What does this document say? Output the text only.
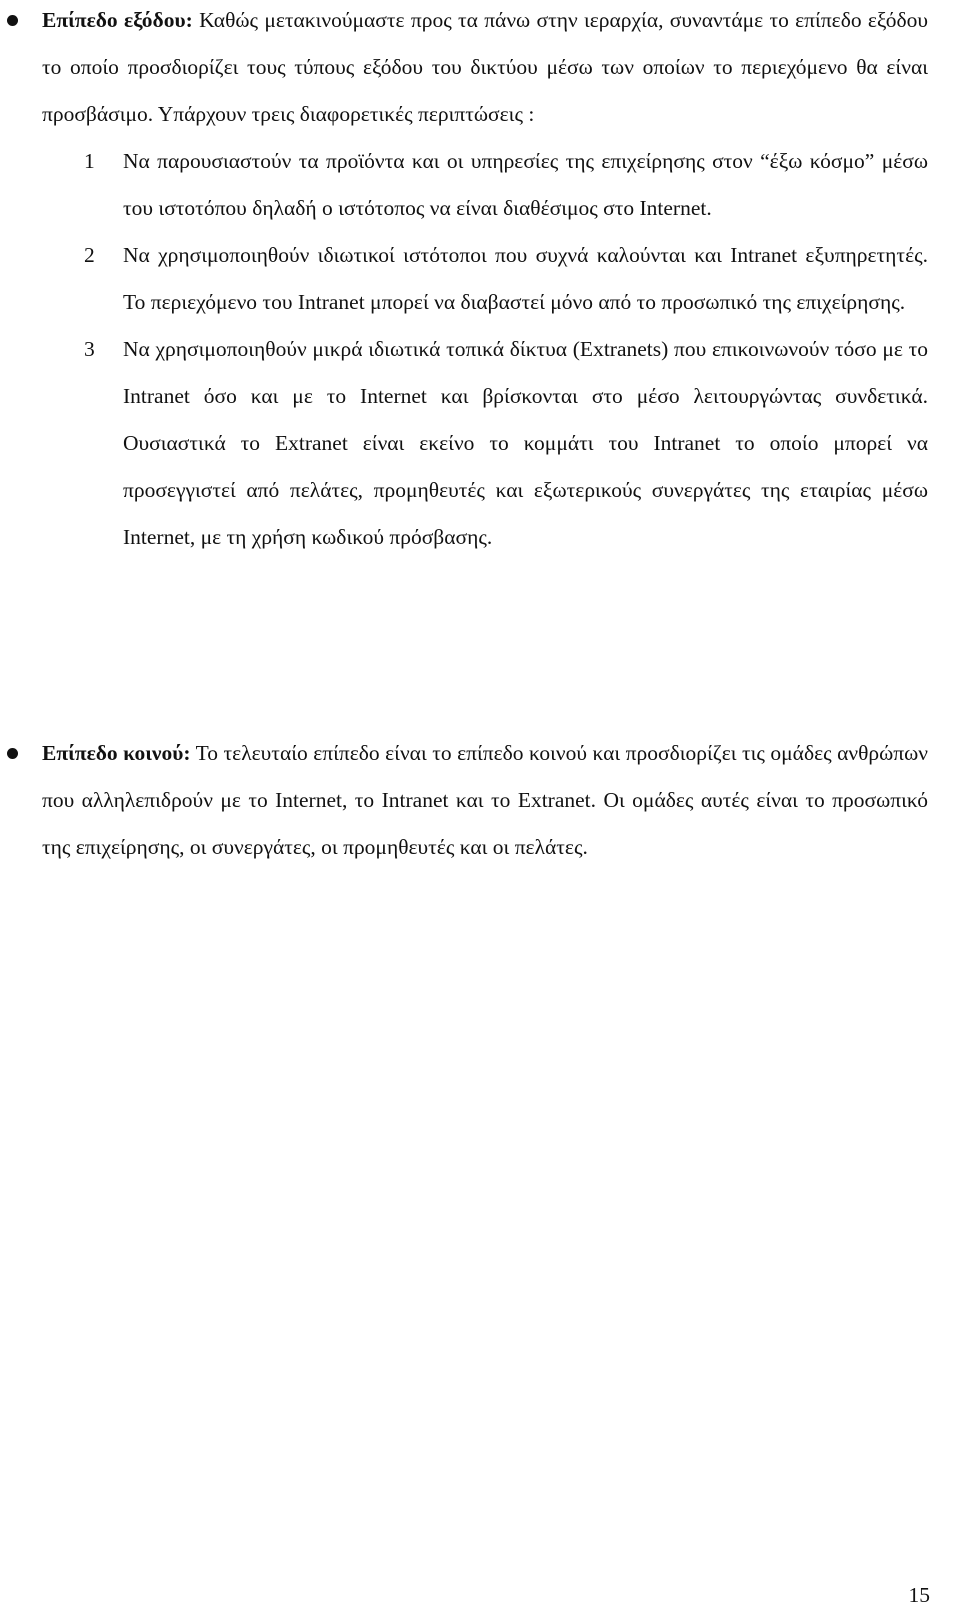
Επίπεδο εξόδου: Καθώς μετακινούμαστε προς τα πάνω στην ιεραρχία, συναντάμε το επίπεδο εξόδου το οποίο προσδιορίζει τους τύπους εξόδου του δικτύου μέσω των οποίων το περιεχόμενο θα είναι προσβάσιμο. Υπάρχουν τρεις διαφορετικές περιπτώσεις :
1 Να παρουσιαστούν τα προϊόντα και οι υπηρεσίες της επιχείρησης στον “έξω κόσμο” μέσω του ιστοτόπου δηλαδή ο ιστότοπος να είναι διαθέσιμος στο Internet.
2 Να χρησιμοποιηθούν ιδιωτικοί ιστότοποι που συχνά καλούνται και Intranet εξυπηρετητές. Το περιεχόμενο του Intranet μπορεί να διαβαστεί μόνο από το προσωπικό της επιχείρησης.
3 Να χρησιμοποιηθούν μικρά ιδιωτικά τοπικά δίκτυα (Extranets) που επικοινωνούν τόσο με το Intranet όσο και με το Internet και βρίσκονται στο μέσο λειτουργώντας συνδετικά. Ουσιαστικά το Extranet είναι εκείνο το κομμάτι του Intranet το οποίο μπορεί να προσεγγιστεί από πελάτες, προμηθευτές και εξωτερικούς συνεργάτες της εταιρίας μέσω Internet, με τη χρήση κωδικού πρόσβασης.
Επίπεδο κοινού: Το τελευταίο επίπεδο είναι το επίπεδο κοινού και προσδιορίζει τις ομάδες ανθρώπων που αλληλεπιδρούν με το Internet, το Intranet και το Extranet. Οι ομάδες αυτές είναι το προσωπικό της επιχείρησης, οι συνεργάτες, οι προμηθευτές και οι πελάτες.
15
